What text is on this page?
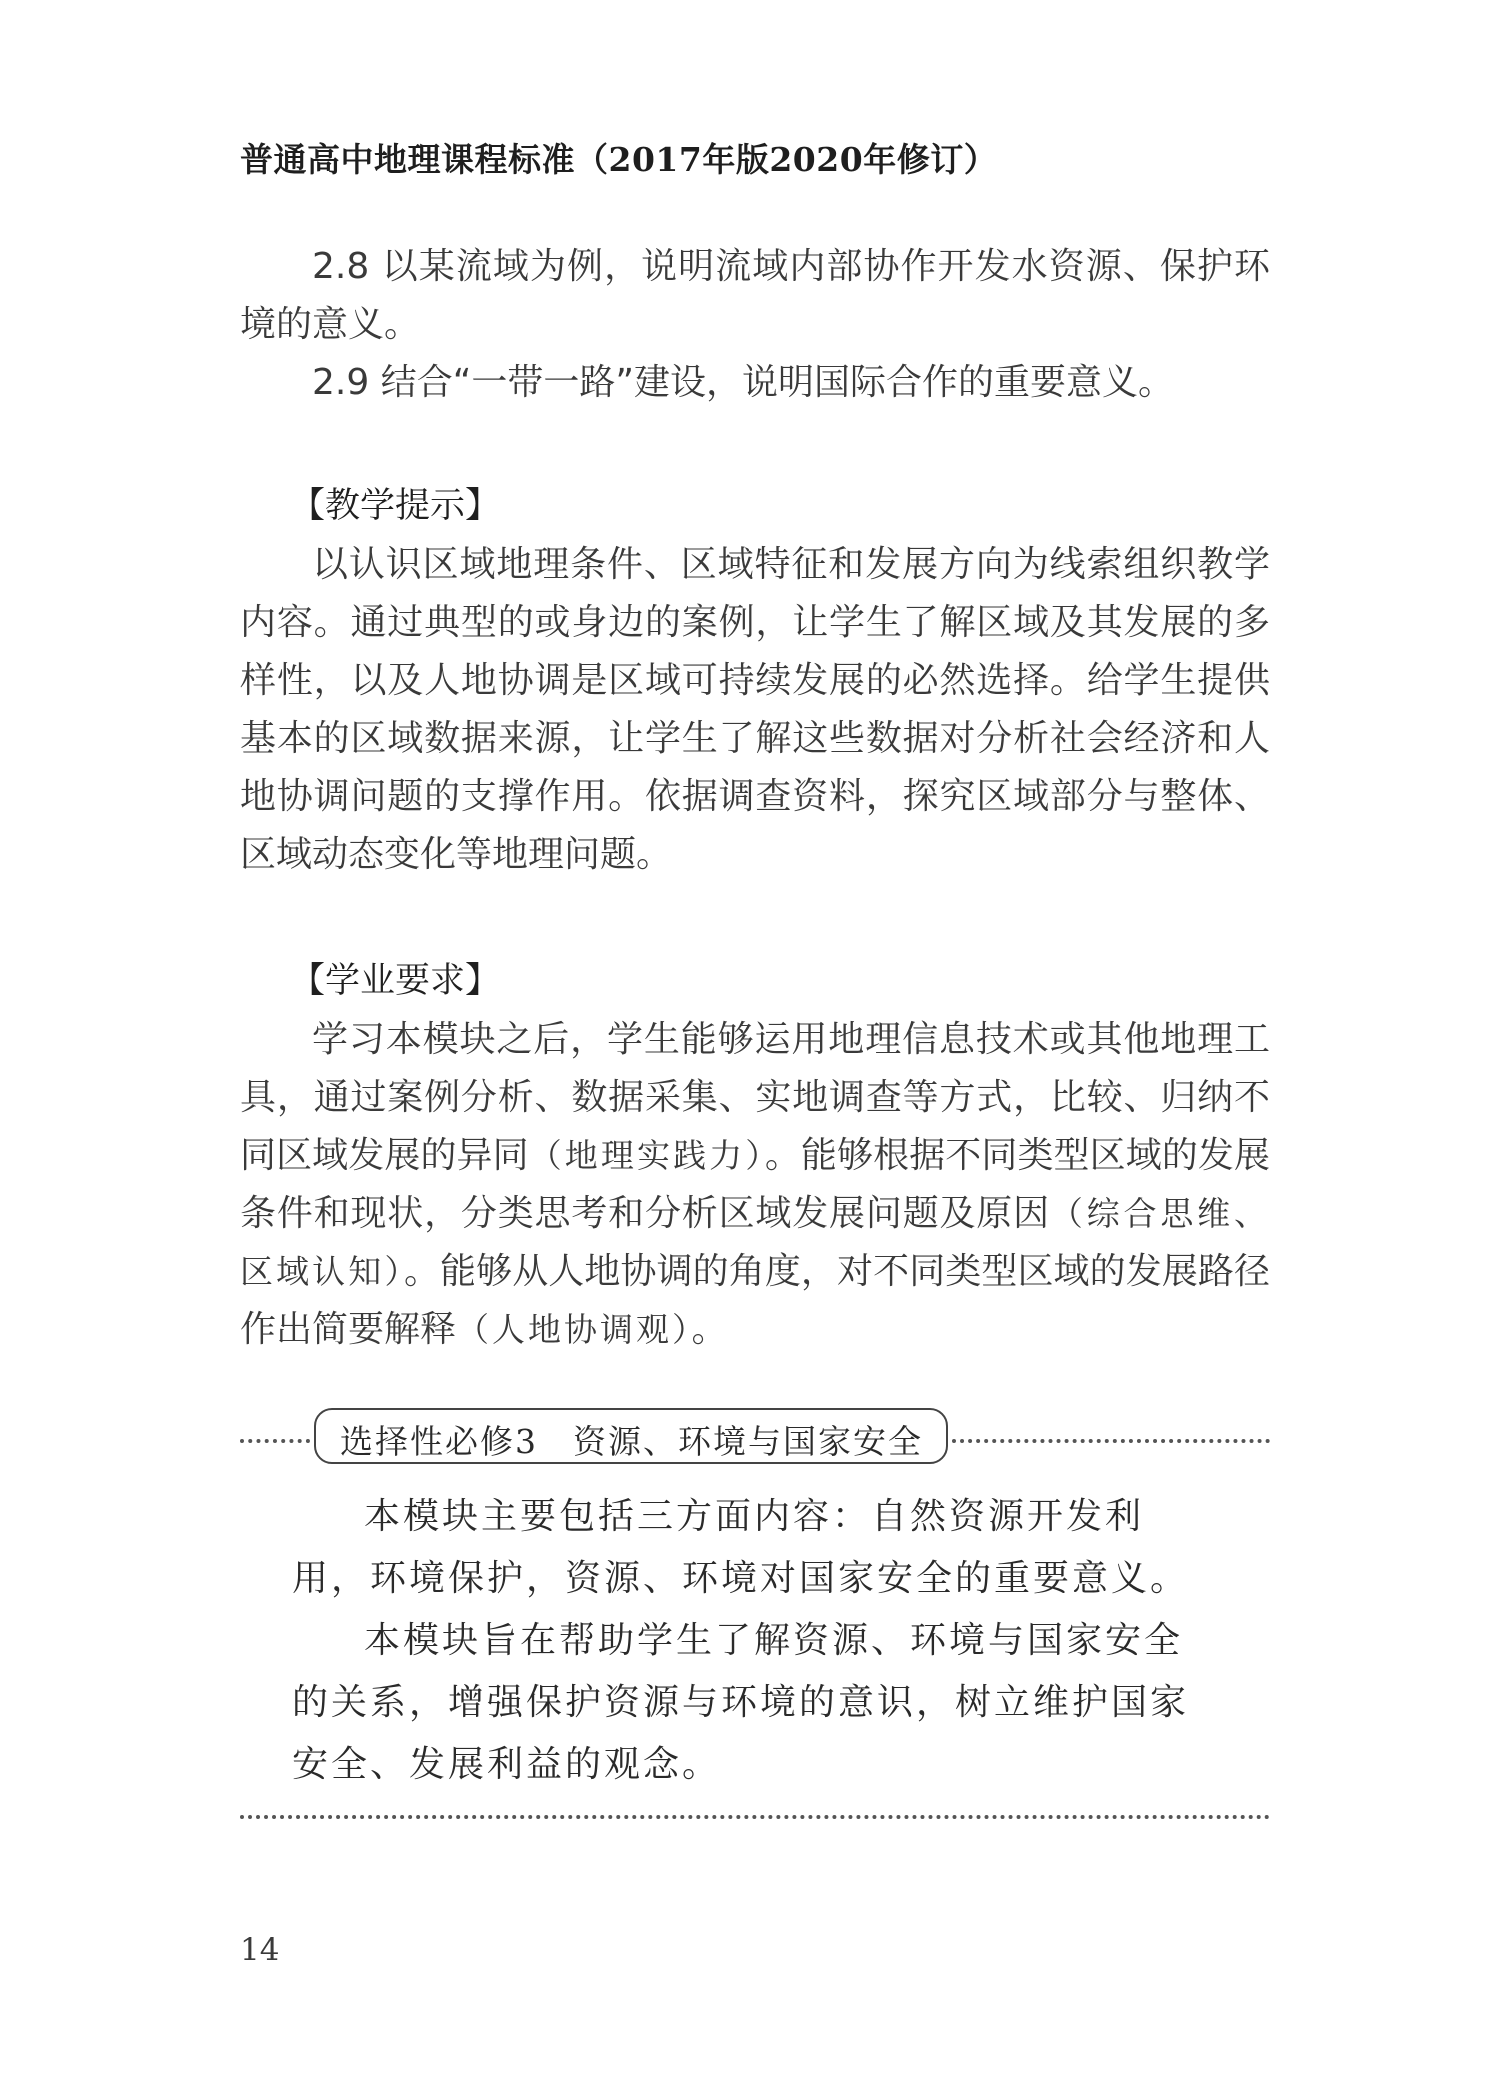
普通高中地理课程标准（2017年版2020年修订）

2.8 以某流域为例，说明流域内部协作开发水资源、保护环境的意义。

2.9 结合“一带一路”建设，说明国际合作的重要意义。

【教学提示】

以认识区域地理条件、区域特征和发展方向为线索组织教学内容。通过典型的或身边的案例，让学生了解区域及其发展的多样性，以及人地协调是区域可持续发展的必然选择。给学生提供基本的区域数据来源，让学生了解这些数据对分析社会经济和人地协调问题的支撑作用。依据调查资料，探究区域部分与整体、区域动态变化等地理问题。

【学业要求】

学习本模块之后，学生能够运用地理信息技术或其他地理工具，通过案例分析、数据采集、实地调查等方式，比较、归纳不同区域发展的异同（地理实践力）。能够根据不同类型区域的发展条件和现状，分类思考和分析区域发展问题及原因（综合思维、区域认知）。能够从人地协调的角度，对不同类型区域的发展路径作出简要解释（人地协调观）。

选择性必修3　资源、环境与国家安全

本模块主要包括三方面内容：自然资源开发利用，环境保护，资源、环境对国家安全的重要意义。

本模块旨在帮助学生了解资源、环境与国家安全的关系，增强保护资源与环境的意识，树立维护国家安全、发展利益的观念。

14
